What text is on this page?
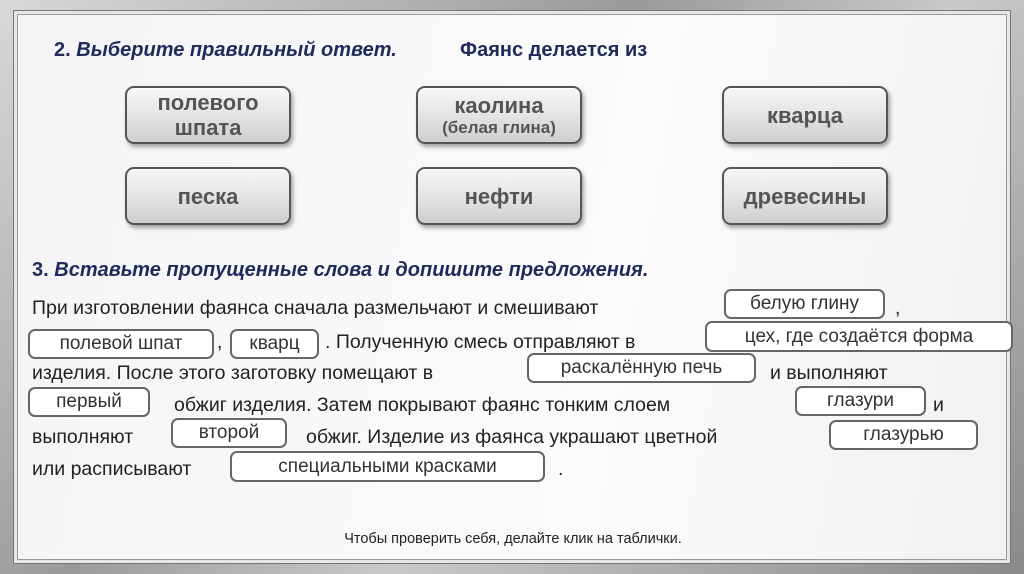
2. Выберите правильный ответ.	Фаянс делается из

полевого
шпата
каолина
(белая глина)	кварца
песка	нефти	древесины

3. Вставьте пропущенные слова и допишите предложения.

При изготовлении фаянса сначала размельчают и смешивают	белую глину	,

полевой шпат	,	кварц	. Полученную смесь отправляют в	цех, где создаётся форма

изделия. После этого заготовку помещают в	раскалённую печь	и выполняют

первый	обжиг изделия. Затем покрывают фаянс тонким слоем	глазури	и

выполняют	второй	обжиг. Изделие из фаянса украшают цветной	глазурью

или расписывают	специальными красками	.

Чтобы проверить себя, делайте клик на таблички.
